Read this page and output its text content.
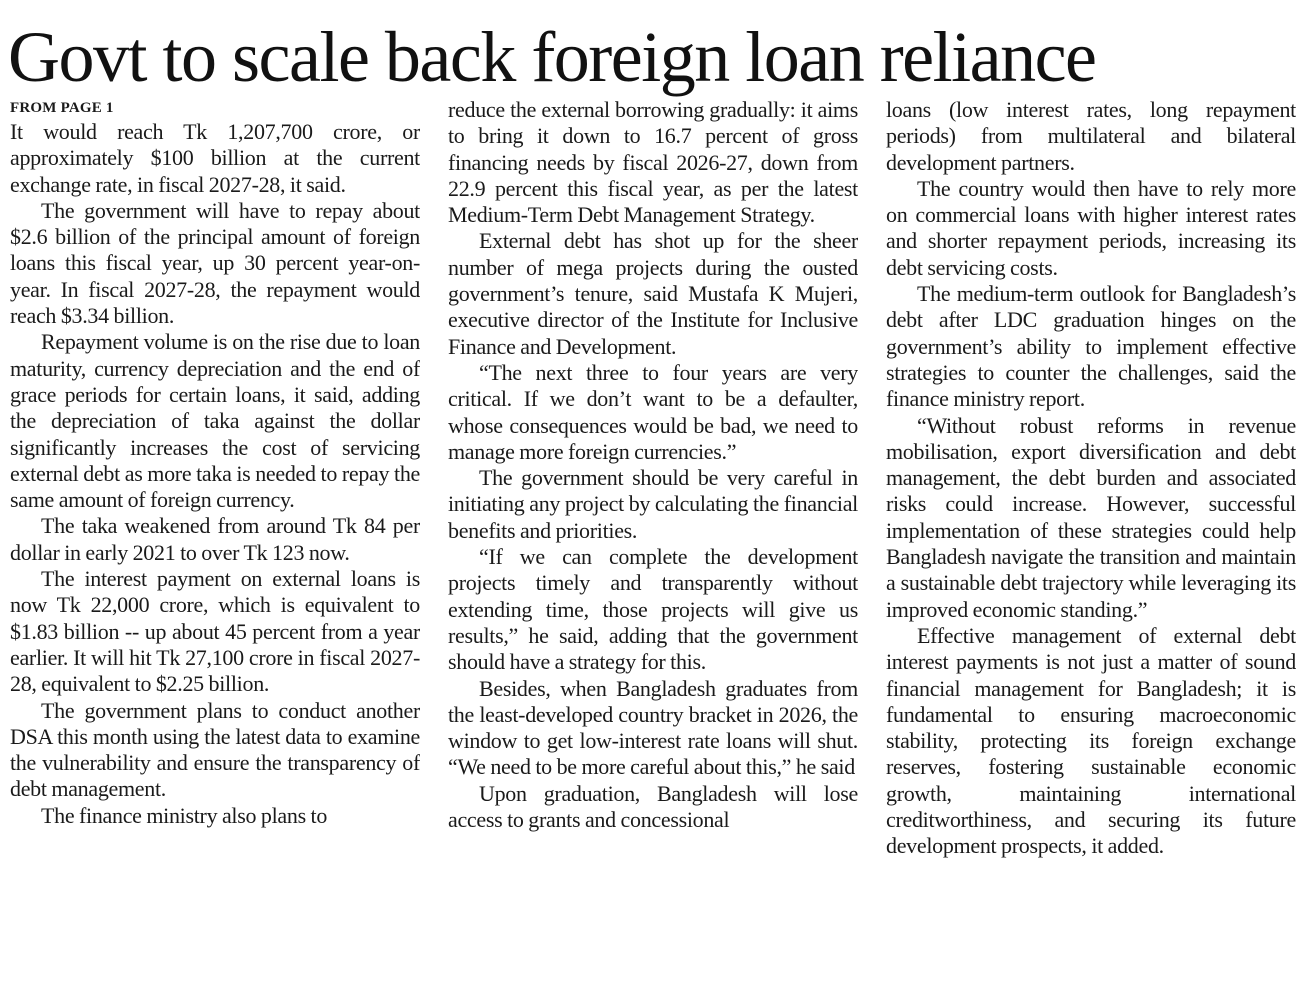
Govt to scale back foreign loan reliance
FROM PAGE 1

It would reach Tk 1,207,700 crore, or approximately $100 billion at the current exchange rate, in fiscal 2027-28, it said.

The government will have to repay about $2.6 billion of the principal amount of foreign loans this fiscal year, up 30 percent year-on-year. In fiscal 2027-28, the repayment would reach $3.34 billion.

Repayment volume is on the rise due to loan maturity, currency depreciation and the end of grace periods for certain loans, it said, adding the depreciation of taka against the dollar significantly increases the cost of servicing external debt as more taka is needed to repay the same amount of foreign currency.

The taka weakened from around Tk 84 per dollar in early 2021 to over Tk 123 now.

The interest payment on external loans is now Tk 22,000 crore, which is equivalent to $1.83 billion -- up about 45 percent from a year earlier. It will hit Tk 27,100 crore in fiscal 2027-28, equivalent to $2.25 billion.

The government plans to conduct another DSA this month using the latest data to examine the vulnerability and ensure the transparency of debt management.

The finance ministry also plans to

reduce the external borrowing gradually: it aims to bring it down to 16.7 percent of gross financing needs by fiscal 2026-27, down from 22.9 percent this fiscal year, as per the latest Medium-Term Debt Management Strategy.

External debt has shot up for the sheer number of mega projects during the ousted government’s tenure, said Mustafa K Mujeri, executive director of the Institute for Inclusive Finance and Development.

“The next three to four years are very critical. If we don’t want to be a defaulter, whose consequences would be bad, we need to manage more foreign currencies.”

The government should be very careful in initiating any project by calculating the financial benefits and priorities.

“If we can complete the development projects timely and transparently without extending time, those projects will give us results,” he said, adding that the government should have a strategy for this.

Besides, when Bangladesh graduates from the least-developed country bracket in 2026, the window to get low-interest rate loans will shut. “We need to be more careful about this,” he said

Upon graduation, Bangladesh will lose access to grants and concessional

loans (low interest rates, long repayment periods) from multilateral and bilateral development partners.

The country would then have to rely more on commercial loans with higher interest rates and shorter repayment periods, increasing its debt servicing costs.

The medium-term outlook for Bangladesh’s debt after LDC graduation hinges on the government’s ability to implement effective strategies to counter the challenges, said the finance ministry report.

“Without robust reforms in revenue mobilisation, export diversification and debt management, the debt burden and associated risks could increase. However, successful implementation of these strategies could help Bangladesh navigate the transition and maintain a sustainable debt trajectory while leveraging its improved economic standing.”

Effective management of external debt interest payments is not just a matter of sound financial management for Bangladesh; it is fundamental to ensuring macroeconomic stability, protecting its foreign exchange reserves, fostering sustainable economic growth, maintaining international creditworthiness, and securing its future development prospects, it added.
